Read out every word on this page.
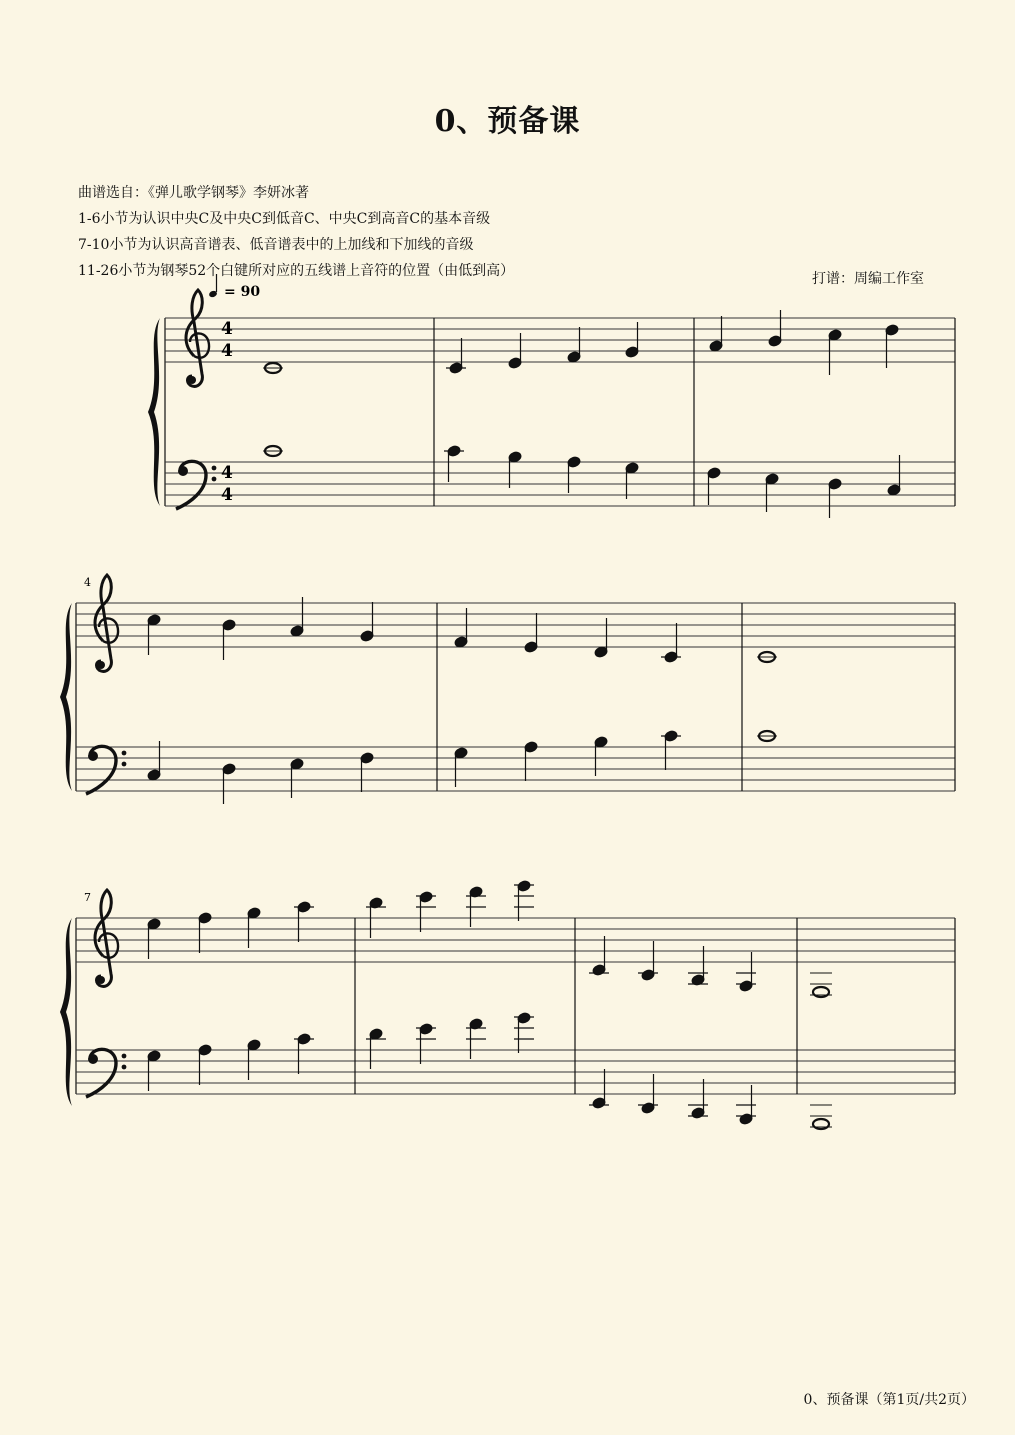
0、预备课
曲谱选自：《弹儿歌学钢琴》李妍冰著
1-6小节为认识中央C及中央C到低音C、中央C到高音C的基本音级
7-10小节为认识高音谱表、低音谱表中的上加线和下加线的音级
11-26小节为钢琴52个白键所对应的五线谱上音符的位置（由低到高）	打谱：周编工作室
= 90
4
4
4
4
4
7
0、预备课（第1页/共2页）
